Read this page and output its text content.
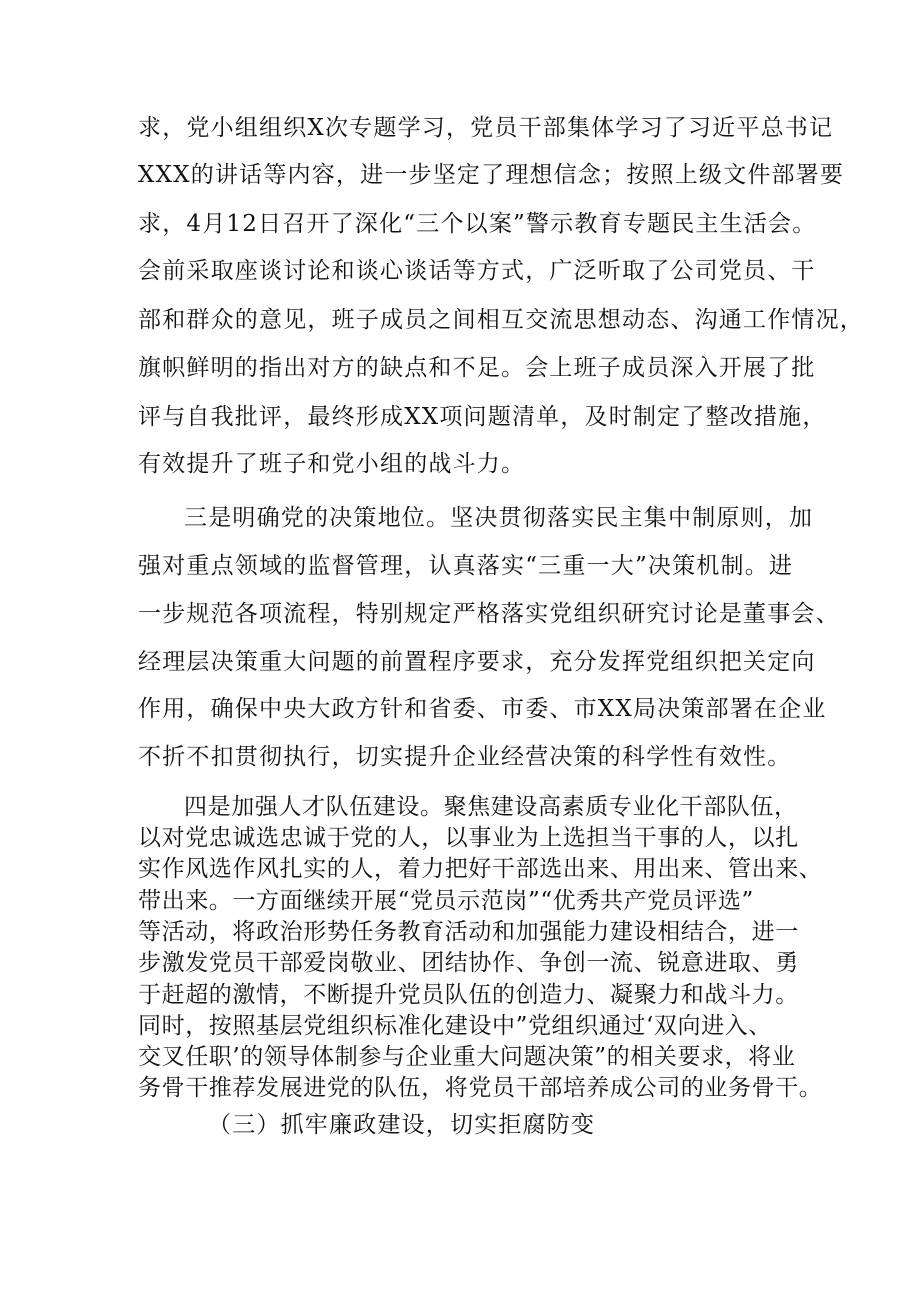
求，党小组组织X次专题学习，党员干部集体学习了习近平总书记
XXX的讲话等内容，进一步坚定了理想信念；按照上级文件部署要
求，4月12日召开了深化“三个以案”警示教育专题民主生活会。
会前采取座谈讨论和谈心谈话等方式，广泛听取了公司党员、干
部和群众的意见，班子成员之间相互交流思想动态、沟通工作情况，
旗帜鲜明的指出对方的缺点和不足。会上班子成员深入开展了批
评与自我批评，最终形成XX项问题清单，及时制定了整改措施，
有效提升了班子和党小组的战斗力。
三是明确党的决策地位。坚决贯彻落实民主集中制原则，加
强对重点领域的监督管理，认真落实“三重一大”决策机制。进
一步规范各项流程，特别规定严格落实党组织研究讨论是董事会、
经理层决策重大问题的前置程序要求，充分发挥党组织把关定向
作用，确保中央大政方针和省委、市委、市XX局决策部署在企业
不折不扣贯彻执行，切实提升企业经营决策的科学性有效性。
四是加强人才队伍建设。聚焦建设高素质专业化干部队伍，
以对党忠诚选忠诚于党的人，以事业为上选担当干事的人，以扎
实作风选作风扎实的人，着力把好干部选出来、用出来、管出来、
带出来。一方面继续开展“党员示范岗”“优秀共产党员评选”
等活动，将政治形势任务教育活动和加强能力建设相结合，进一
步激发党员干部爱岗敬业、团结协作、争创一流、锐意进取、勇
于赶超的激情，不断提升党员队伍的创造力、凝聚力和战斗力。
同时，按照基层党组织标准化建设中”党组织通过‘双向进入、
交叉任职’的领导体制参与企业重大问题决策”的相关要求，将业
务骨干推荐发展进党的队伍，将党员干部培养成公司的业务骨干。
（三）抓牢廉政建设，切实拒腐防变
